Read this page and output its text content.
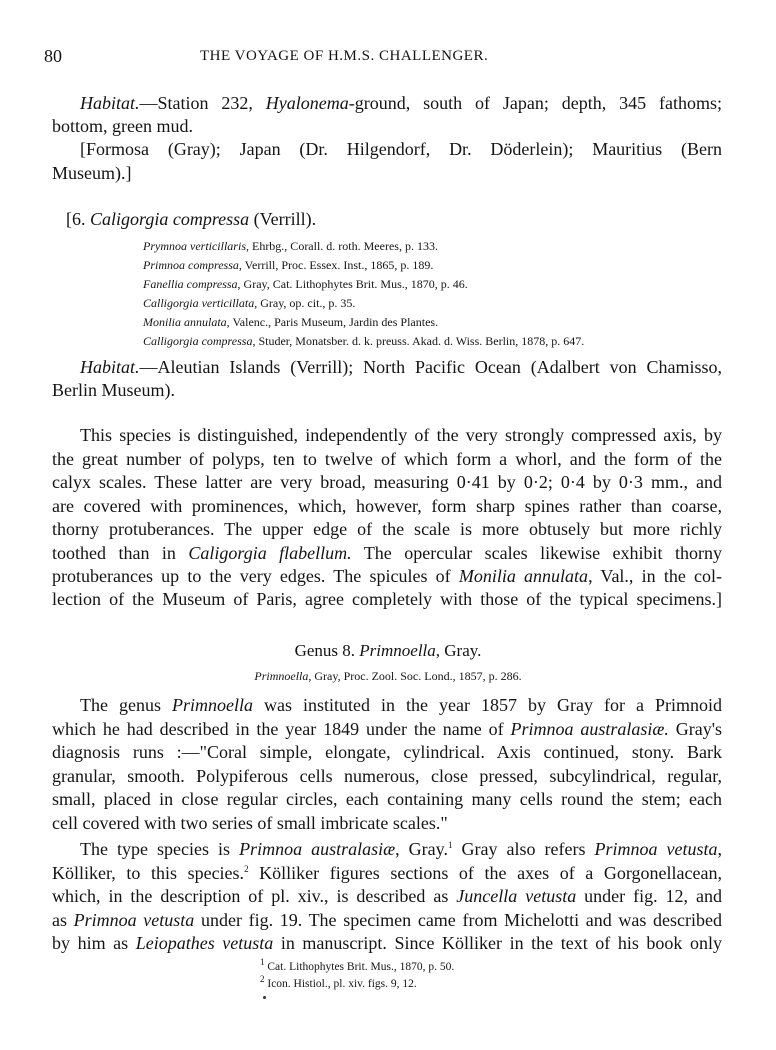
80	THE VOYAGE OF H.M.S. CHALLENGER.
Habitat.—Station 232, Hyalonema-ground, south of Japan; depth, 345 fathoms;
bottom, green mud.
[Formosa (Gray); Japan (Dr. Hilgendorf, Dr. Döderlein); Mauritius (Bern
Museum).]
[6. Caligorgia compressa (Verrill).
Prymnoa verticillaris, Ehrbg., Corall. d. roth. Meeres, p. 133.
Primnoa compressa, Verrill, Proc. Essex. Inst., 1865, p. 189.
Fanellia compressa, Gray, Cat. Lithophytes Brit. Mus., 1870, p. 46.
Calligorgia verticillata, Gray, op. cit., p. 35.
Monilia annulata, Valenc., Paris Museum, Jardin des Plantes.
Calligorgia compressa, Studer, Monatsber. d. k. preuss. Akad. d. Wiss. Berlin, 1878, p. 647.
Habitat.—Aleutian Islands (Verrill); North Pacific Ocean (Adalbert von Chamisso,
Berlin Museum).
This species is distinguished, independently of the very strongly compressed axis, by
the great number of polyps, ten to twelve of which form a whorl, and the form of the
calyx scales. These latter are very broad, measuring 0·41 by 0·2; 0·4 by 0·3 mm., and
are covered with prominences, which, however, form sharp spines rather than coarse,
thorny protuberances. The upper edge of the scale is more obtusely but more richly
toothed than in Caligorgia flabellum. The opercular scales likewise exhibit thorny
protuberances up to the very edges. The spicules of Monilia annulata, Val., in the col-
lection of the Museum of Paris, agree completely with those of the typical specimens.]
Genus 8. Primnoella, Gray.
Primnoella, Gray, Proc. Zool. Soc. Lond., 1857, p. 286.
The genus Primnoella was instituted in the year 1857 by Gray for a Primnoid
which he had described in the year 1849 under the name of Primnoa australasiæ. Gray's
diagnosis runs :—"Coral simple, elongate, cylindrical. Axis continued, stony. Bark
granular, smooth. Polypiferous cells numerous, close pressed, subcylindrical, regular,
small, placed in close regular circles, each containing many cells round the stem; each
cell covered with two series of small imbricate scales."
The type species is Primnoa australasiæ, Gray.$^1$ Gray also refers Primnoa vetusta,
Kölliker, to this species.$^2$ Kölliker figures sections of the axes of a Gorgonellacean,
which, in the description of pl. xiv., is described as Juncella vetusta under fig. 12, and
as Primnoa vetusta under fig. 19. The specimen came from Michelotti and was described
by him as Leiopathes vetusta in manuscript. Since Kölliker in the text of his book only
$^1$ Cat. Lithophytes Brit. Mus., 1870, p. 50.
$^2$ Icon. Histiol., pl. xiv. figs. 9, 12.
